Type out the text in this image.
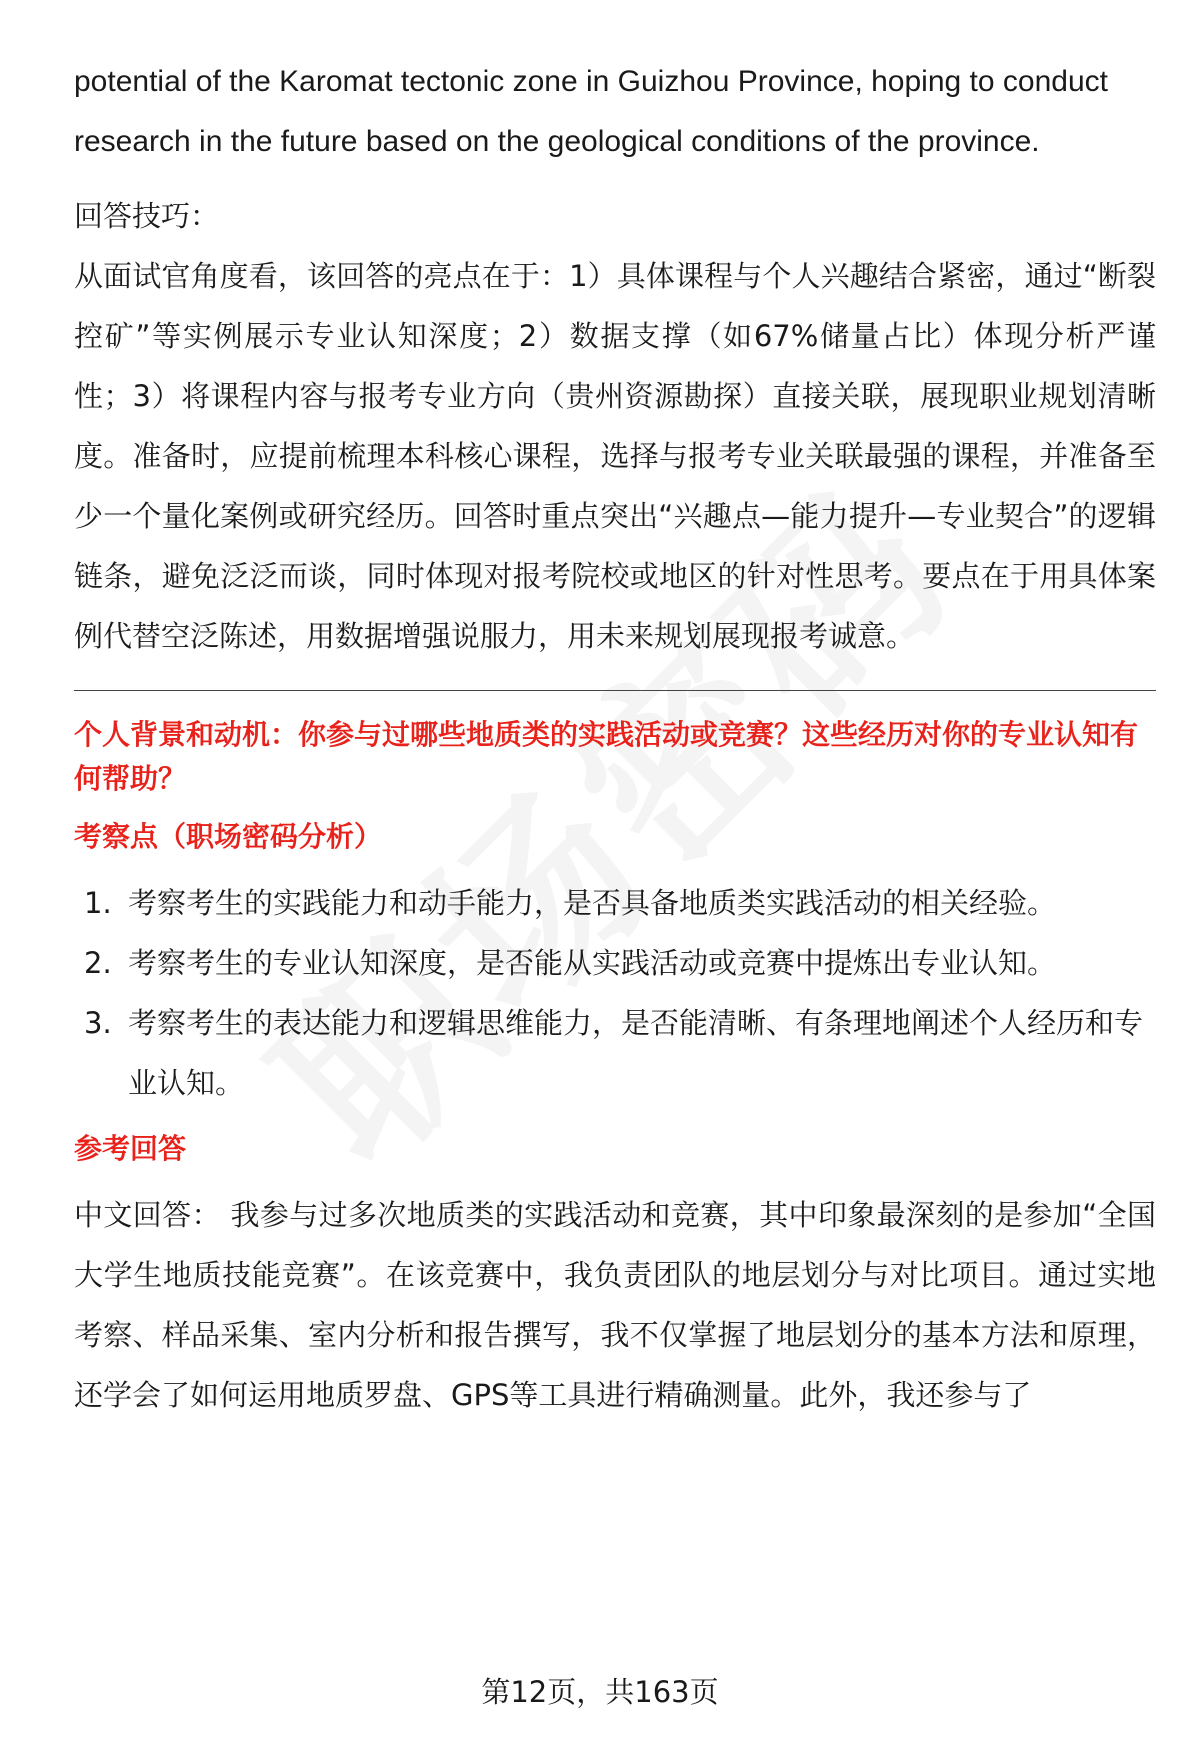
potential of the Karomat tectonic zone in Guizhou Province, hoping to conduct research in the future based on the geological conditions of the province.

回答技巧：

从面试官角度看，该回答的亮点在于：1）具体课程与个人兴趣结合紧密，通过“断裂控矿”等实例展示专业认知深度；2）数据支撑（如67%储量占比）体现分析严谨性；3）将课程内容与报考专业方向（贵州资源勘探）直接关联，展现职业规划清晰度。准备时，应提前梳理本科核心课程，选择与报考专业关联最强的课程，并准备至少一个量化案例或研究经历。回答时重点突出“兴趣点—能力提升—专业契合”的逻辑链条，避免泛泛而谈，同时体现对报考院校或地区的针对性思考。要点在于用具体案例代替空泛陈述，用数据增强说服力，用未来规划展现报考诚意。

个人背景和动机：你参与过哪些地质类的实践活动或竞赛？这些经历对你的专业认知有何帮助？

考察点（职场密码分析）

1. 考察考生的实践能力和动手能力，是否具备地质类实践活动的相关经验。
2. 考察考生的专业认知深度，是否能从实践活动或竞赛中提炼出专业认知。
3. 考察考生的表达能力和逻辑思维能力，是否能清晰、有条理地阐述个人经历和专业认知。

参考回答

中文回答： 我参与过多次地质类的实践活动和竞赛，其中印象最深刻的是参加“全国大学生地质技能竞赛”。在该竞赛中，我负责团队的地层划分与对比项目。通过实地考察、样品采集、室内分析和报告撰写，我不仅掌握了地层划分的基本方法和原理，还学会了如何运用地质罗盘、GPS等工具进行精确测量。此外，我还参与了

第12页，共163页
